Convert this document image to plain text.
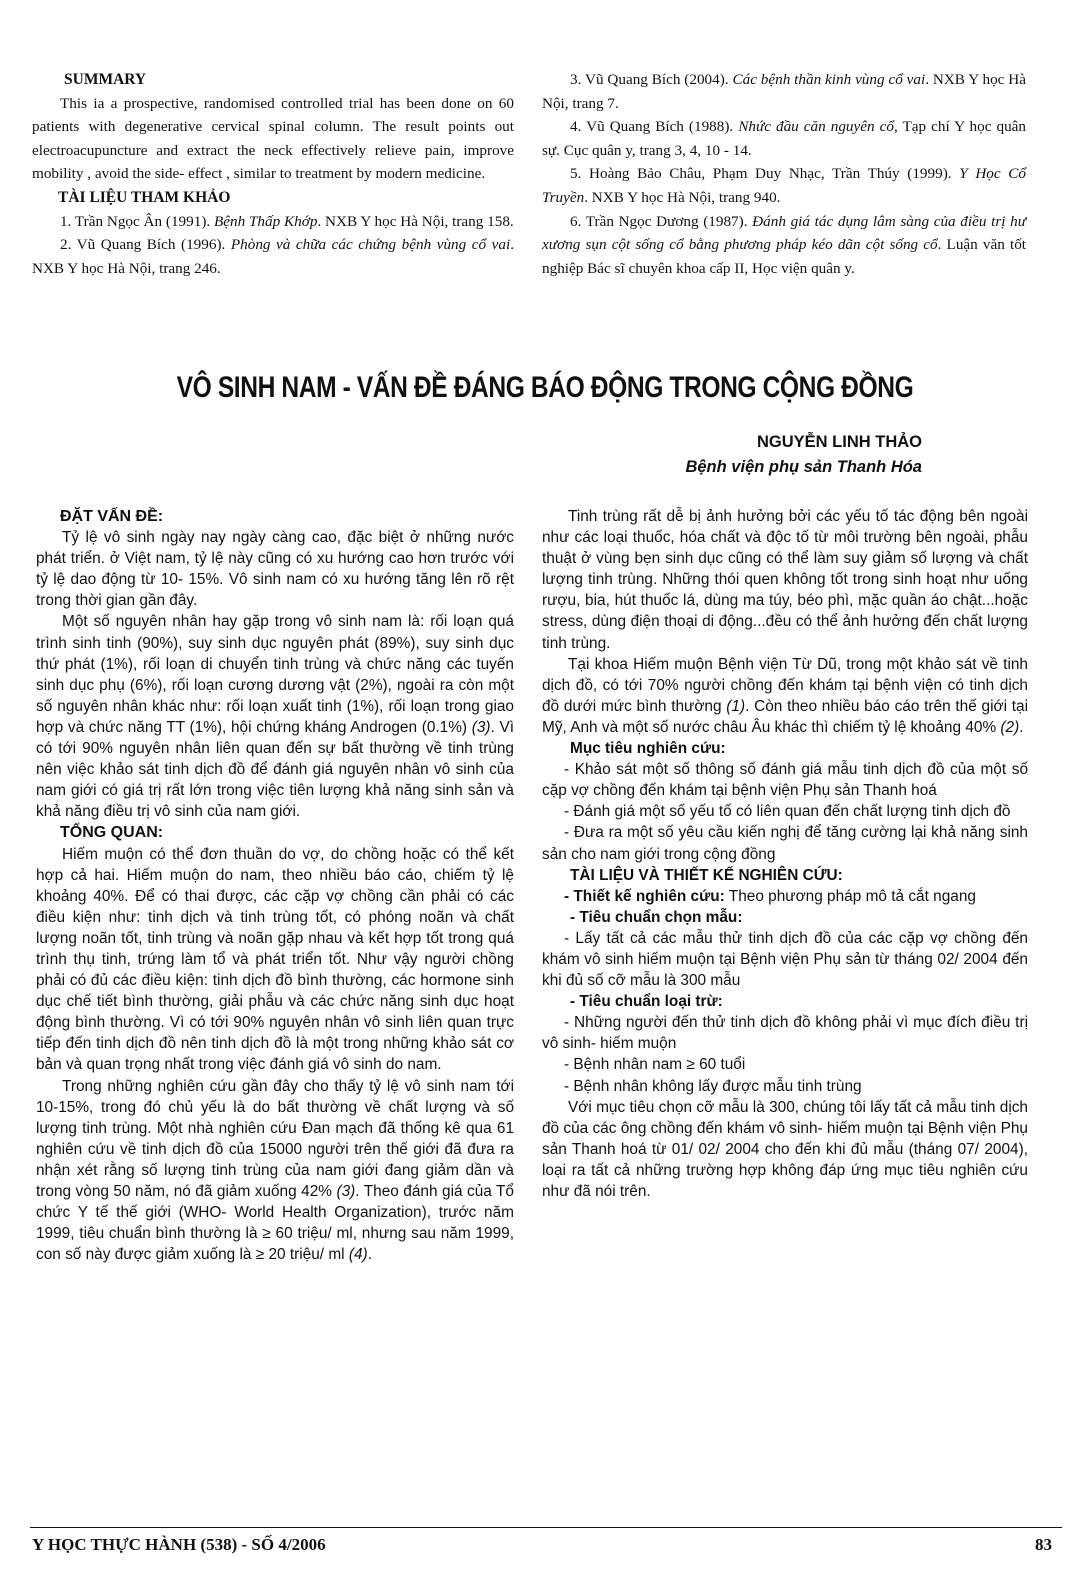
SUMMARY

This ia a prospective, randomised controlled trial has been done on 60 patients with degenerative cervical spinal column. The result points out electroacupuncture and extract the neck effectively relieve pain, improve mobility , avoid the side- effect , similar to treatment by modern medicine.

TÀI LIỆU THAM KHẢO

1. Trần Ngọc Ân (1991). Bệnh Thấp Khớp. NXB Y học Hà Nội, trang 158.

2. Vũ Quang Bích (1996). Phòng và chữa các chứng bệnh vùng cổ vai. NXB Y học Hà Nội, trang 246.

3. Vũ Quang Bích (2004). Các bệnh thần kinh vùng cổ vai. NXB Y học Hà Nội, trang 7.

4. Vũ Quang Bích (1988). Nhức đầu căn nguyên cổ, Tạp chí Y học quân sự. Cục quân y, trang 3, 4, 10 - 14.

5. Hoàng Bảo Châu, Phạm Duy Nhạc, Trần Thúy (1999). Y Học Cổ Truyền. NXB Y học Hà Nội, trang 940.

6. Trần Ngọc Dương (1987). Đánh giá tác dụng lâm sàng của điều trị hư xương sụn cột sống cổ bằng phương pháp kéo dãn cột sống cổ. Luận văn tốt nghiệp Bác sĩ chuyên khoa cấp II, Học viện quân y.

VÔ SINH NAM - VẤN ĐỀ ĐÁNG BÁO ĐỘNG TRONG CỘNG ĐỒNG
NGUYỄN LINH THẢO
Bệnh viện phụ sản Thanh Hóa

ĐẶT VẤN ĐỀ:

Tỷ lệ vô sinh ngày nay ngày càng cao, đặc biệt ở những nước phát triển. ở Việt nam, tỷ lệ này cũng có xu hướng cao hơn trước với tỷ lệ dao động từ 10- 15%. Vô sinh nam có xu hướng tăng lên rõ rệt trong thời gian gần đây.

Một số nguyên nhân hay gặp trong vô sinh nam là: rối loạn quá trình sinh tinh (90%), suy sinh dục nguyên phát (89%), suy sinh dục thứ phát (1%), rối loạn di chuyển tinh trùng và chức năng các tuyến sinh dục phụ (6%), rối loạn cương dương vật (2%), ngoài ra còn một số nguyên nhân khác như: rối loạn xuất tinh (1%), rối loạn trong giao hợp và chức năng TT (1%), hội chứng kháng Androgen (0.1%) (3). Vì có tới 90% nguyên nhân liên quan đến sự bất thường về tinh trùng nên việc khảo sát tinh dịch đồ để đánh giá nguyên nhân vô sinh của nam giới có giá trị rất lớn trong việc tiên lượng khả năng sinh sản và khả năng điều trị vô sinh của nam giới.

TỔNG QUAN:

Hiếm muộn có thể đơn thuần do vợ, do chồng hoặc có thể kết hợp cả hai. Hiếm muộn do nam, theo nhiều báo cáo, chiếm tỷ lệ khoảng 40%. Để có thai được, các cặp vợ chồng cần phải có các điều kiện như: tinh dịch và tinh trùng tốt, có phóng noãn và chất lượng noãn tốt, tinh trùng và noãn gặp nhau và kết hợp tốt trong quá trình thụ tinh, trứng làm tổ và phát triển tốt. Như vậy người chồng phải có đủ các điều kiện: tinh dịch đồ bình thường, các hormone sinh dục chế tiết bình thường, giải phẫu và các chức năng sinh dục hoạt động bình thường. Vì có tới 90% nguyên nhân vô sinh liên quan trực tiếp đến tinh dịch đồ nên tinh dịch đồ là một trong những khảo sát cơ bản và quan trọng nhất trong việc đánh giá vô sinh do nam.

Trong những nghiên cứu gần đây cho thấy tỷ lệ vô sinh nam tới 10-15%, trong đó chủ yếu là do bất thường về chất lượng và số lượng tinh trùng. Một nhà nghiên cứu Đan mạch đã thống kê qua 61 nghiên cứu về tinh dịch đồ của 15000 người trên thế giới đã đưa ra nhận xét rằng số lượng tinh trùng của nam giới đang giảm dần và trong vòng 50 năm, nó đã giảm xuống 42% (3). Theo đánh giá của Tổ chức Y tế thế giới (WHO- World Health Organization), trước năm 1999, tiêu chuẩn bình thường là ≥ 60 triệu/ ml, nhưng sau năm 1999, con số này được giảm xuống là ≥ 20 triệu/ ml (4).

Tinh trùng rất dễ bị ảnh hưởng bởi các yếu tố tác động bên ngoài như các loại thuốc, hóa chất và độc tố từ môi trường bên ngoài, phẫu thuật ở vùng bẹn sinh dục cũng có thể làm suy giảm số lượng và chất lượng tinh trùng. Những thói quen không tốt trong sinh hoạt như uống rượu, bia, hút thuốc lá, dùng ma túy, béo phì, mặc quần áo chật...hoặc stress, dùng điện thoại di động...đều có thể ảnh hưởng đến chất lượng tinh trùng.

Tại khoa Hiếm muộn Bệnh viện Từ Dũ, trong một khảo sát về tinh dịch đồ, có tới 70% người chồng đến khám tại bệnh viện có tinh dịch đồ dưới mức bình thường (1). Còn theo nhiều báo cáo trên thế giới tại Mỹ, Anh và một số nước châu Âu khác thì chiếm tỷ lệ khoảng 40% (2).

Mục tiêu nghiên cứu:

- Khảo sát một số thông số đánh giá mẫu tinh dịch đồ của một số cặp vợ chồng đến khám tại bệnh viện Phụ sản Thanh hoá

- Đánh giá một số yếu tố có liên quan đến chất lượng tinh dịch đồ

- Đưa ra một số yêu cầu kiến nghị để tăng cường lại khả năng sinh sản cho nam giới trong cộng đồng

TÀI LIỆU VÀ THIẾT KẾ NGHIÊN CỨU:

- Thiết kế nghiên cứu: Theo phương pháp mô tả cắt ngang

- Tiêu chuẩn chọn mẫu:

- Lấy tất cả các mẫu thử tinh dịch đồ của các cặp vợ chồng đến khám vô sinh hiếm muộn tại Bệnh viện Phụ sản từ tháng 02/ 2004 đến khi đủ số cỡ mẫu là 300 mẫu

- Tiêu chuẩn loại trừ:

- Những người đến thử tinh dịch đồ không phải vì mục đích điều trị vô sinh- hiếm muộn

- Bệnh nhân nam ≥ 60 tuổi

- Bệnh nhân không lấy được mẫu tinh trùng

Với mục tiêu chọn cỡ mẫu là 300, chúng tôi lấy tất cả mẫu tinh dịch đồ của các ông chồng đến khám vô sinh- hiếm muộn tại Bệnh viện Phụ sản Thanh hoá từ 01/ 02/ 2004 cho đến khi đủ mẫu (tháng 07/ 2004), loại ra tất cả những trường hợp không đáp ứng mục tiêu nghiên cứu như đã nói trên.

Y HỌC THỰC HÀNH (538) - SỐ 4/2006	83
